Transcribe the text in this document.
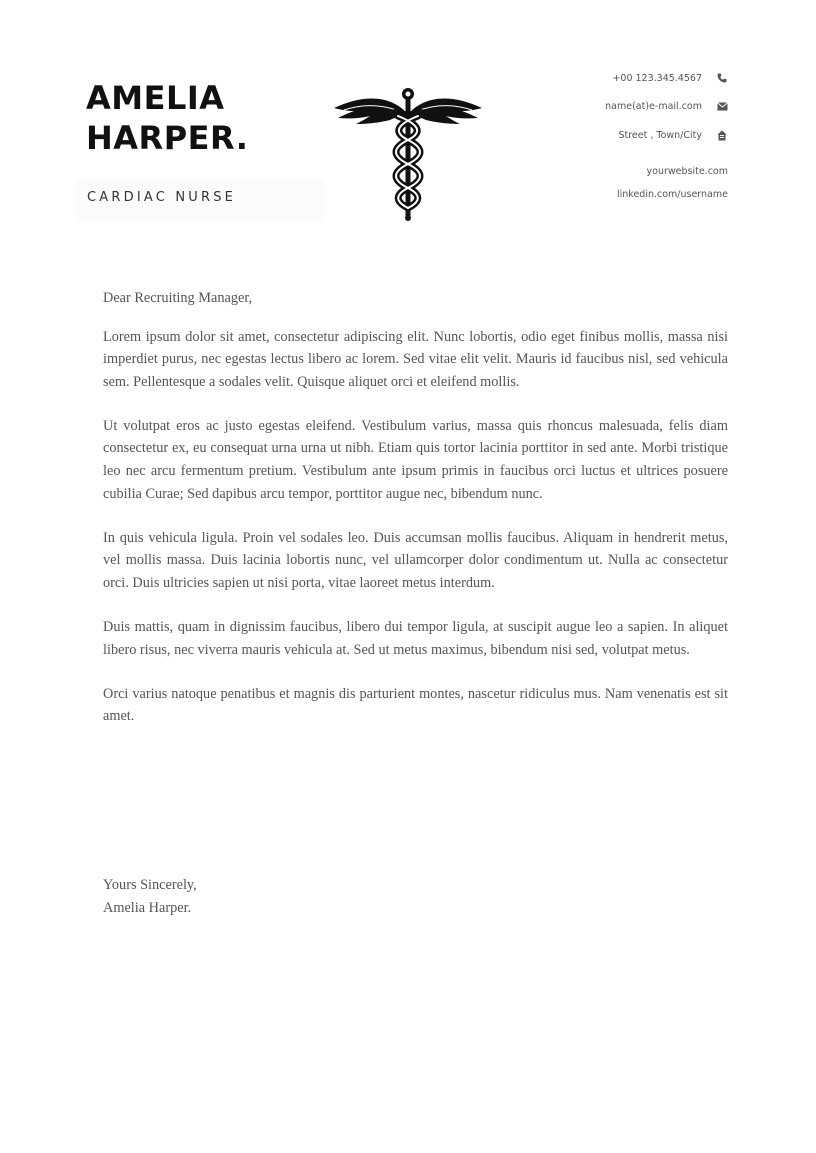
AMELIA
HARPER.
CARDIAC NURSE
+00 123.345.4567
name(at)e-mail.com
Street , Town/City
yourwebsite.com
linkedin.com/username

Dear Recruiting Manager,

Lorem ipsum dolor sit amet, consectetur adipiscing elit. Nunc lobortis, odio eget finibus mollis, massa nisi imperdiet purus, nec egestas lectus libero ac lorem. Sed vitae elit velit. Mauris id faucibus nisl, sed vehicula sem. Pellentesque a sodales velit. Quisque aliquet orci et eleifend mollis.

Ut volutpat eros ac justo egestas eleifend. Vestibulum varius, massa quis rhoncus malesuada, felis diam consectetur ex, eu consequat urna urna ut nibh. Etiam quis tortor lacinia porttitor in sed ante. Morbi tristique leo nec arcu fermentum pretium. Vestibulum ante ipsum primis in faucibus orci luctus et ultrices posuere cubilia Curae; Sed dapibus arcu tempor, porttitor augue nec, bibendum nunc.

In quis vehicula ligula. Proin vel sodales leo. Duis accumsan mollis faucibus. Aliquam in hendrerit metus, vel mollis massa. Duis lacinia lobortis nunc, vel ullamcorper dolor condimentum ut. Nulla ac consectetur orci. Duis ultricies sapien ut nisi porta, vitae laoreet metus interdum.

Duis mattis, quam in dignissim faucibus, libero dui tempor ligula, at suscipit augue leo a sapien. In aliquet libero risus, nec viverra mauris vehicula at. Sed ut metus maximus, bibendum nisi sed, volutpat metus.

Orci varius natoque penatibus et magnis dis parturient montes, nascetur ridiculus mus. Nam venenatis est sit amet.

Yours Sincerely,
Amelia Harper.
